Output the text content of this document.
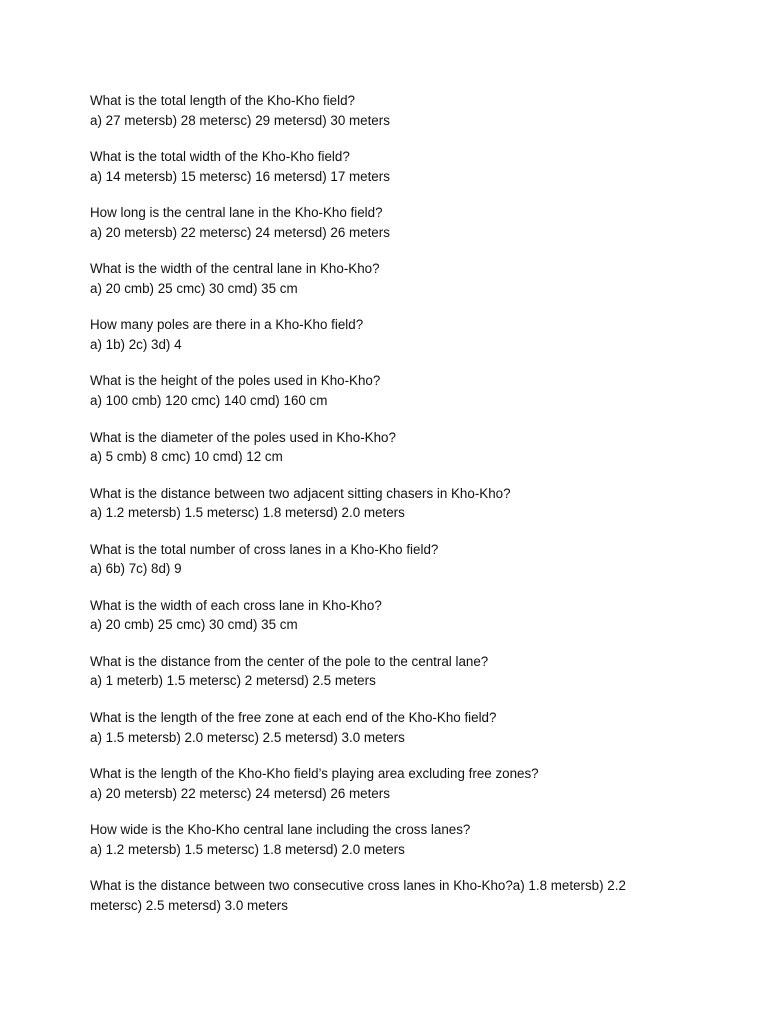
What is the total length of the Kho-Kho field?
a) 27 metersb) 28 metersc) 29 metersd) 30 meters
What is the total width of the Kho-Kho field?
a) 14 metersb) 15 metersc) 16 metersd) 17 meters
How long is the central lane in the Kho-Kho field?
a) 20 metersb) 22 metersc) 24 metersd) 26 meters
What is the width of the central lane in Kho-Kho?
a) 20 cmb) 25 cmc) 30 cmd) 35 cm
How many poles are there in a Kho-Kho field?
a) 1b) 2c) 3d) 4
What is the height of the poles used in Kho-Kho?
a) 100 cmb) 120 cmc) 140 cmd) 160 cm
What is the diameter of the poles used in Kho-Kho?
a) 5 cmb) 8 cmc) 10 cmd) 12 cm
What is the distance between two adjacent sitting chasers in Kho-Kho?
a) 1.2 metersb) 1.5 metersc) 1.8 metersd) 2.0 meters
What is the total number of cross lanes in a Kho-Kho field?
a) 6b) 7c) 8d) 9
What is the width of each cross lane in Kho-Kho?
a) 20 cmb) 25 cmc) 30 cmd) 35 cm
What is the distance from the center of the pole to the central lane?
a) 1 meterb) 1.5 metersc) 2 metersd) 2.5 meters
What is the length of the free zone at each end of the Kho-Kho field?
a) 1.5 metersb) 2.0 metersc) 2.5 metersd) 3.0 meters
What is the length of the Kho-Kho field’s playing area excluding free zones?
a) 20 metersb) 22 metersc) 24 metersd) 26 meters
How wide is the Kho-Kho central lane including the cross lanes?
a) 1.2 metersb) 1.5 metersc) 1.8 metersd) 2.0 meters
What is the distance between two consecutive cross lanes in Kho-Kho?a) 1.8 metersb) 2.2 metersc) 2.5 metersd) 3.0 meters
